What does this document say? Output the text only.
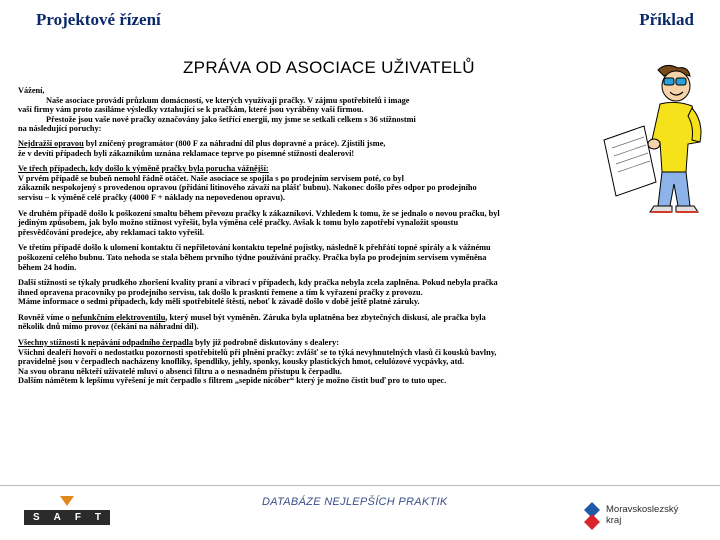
Projektové řízení	Příklad
ZPRÁVA OD ASOCIACE UŽIVATELŮ

Vážení,
Naše asociace provádí průzkum domácností, ve kterých využívají pračky. V zájmu spotřebitelů i image
vaší firmy vám proto zasíláme výsledky vztahující se k pračkám, které jsou vyráběny vaší firmou.
Přestože jsou vaše nové pračky označovány jako šetřící energii, my jsme se setkali celkem s 36 stížnostmi
na následující poruchy:

Nejdražší opravou byl zničený programátor (800 F za náhradní díl plus dopravné a práce). Zjistili jsme,
že v devíti případech byli zákazníkům uznána reklamace teprve po písemné stížnosti dealerovi!

Ve třech případech, kdy došlo k výměně pračky byla porucha vážnější:
V prvém případě se bubeň nemohl řádně otáčet. Naše asociace se spojila s po prodejním servisem poté, co byl
zákazník nespokojený s provedenou opravou (přidání litinového závaží na plášť bubnu). Nakonec došlo přes odpor po prodejního
servisu – k výměně celé pračky (4000 F + náklady na nepovedenou opravu).

Ve druhém případě došlo k poškození smaltu během převozu pračky k zákazníkovi. Vzhledem k tomu, že se jednalo o novou pračku, byl
jediným způsobem, jak bylo možno stížnost vyřešit, byla výměna celé pračky. Avšak k tomu bylo zapotřebí vynaložit spoustu
přesvědčování prodejce, aby reklamaci takto vyřešil.

Ve třetím případě došlo k ulomení kontaktu či nepřiletování kontaktu tepelné pojistky, následně k přehřátí topné spirály a k vážnému
poškození celého bubnu. Tato nehoda se stala během prvního týdne používání pračky. Pračka byla po prodejním servisem vyměněna
během 24 hodin.

Další stížnosti se týkaly prudkého zhoršení kvality praní a vibrací v případech, kdy pračka nebyla zcela zaplněna. Pokud nebyla pračka
ihned opravena pracovníky po prodejního servisu, tak došlo k praskntí řemene a tím k vyřazení pračky z provozu.
Máme informace o sedmi případech, kdy měli spotřebitelé štěstí, neboť k závadě došlo v době ještě platné záruky.

Rovněž víme o nefunkčním elektroventilu, který musel být vyměněn. Záruka byla uplatněna bez zbytečných diskusí, ale pračka byla
několik dnů mimo provoz (čekání na náhradní díl).

Všechny stížnosti k nepávání odpadního čerpadla byly již podrobně diskutovány s dealery:
Všichni dealeři hovoří o nedostatku pozornosti spotřebitelů při plnění pračky: zvlášť se to týká nevyhnutelných vlasů či kousků bavlny,
pravidelně jsou v čerpadlech nacházeny knoflíky, špendlíky, jehly, sponky, kousky plastických hmot, celulózové vycpávky, atd.
Na svou obranu někteří uživatelé mluví o absenci filtru a o nesnadném přístupu k čerpadlu.
Dalším námětem k lepšímu vyřešení je mít čerpadlo s filtrem „sepide nicóber“ který je možno čistit buď pro to tuto upec.

S A F T
DATABÁZE NEJLEPŠÍCH PRAKTIK
Moravskoslezský
kraj
